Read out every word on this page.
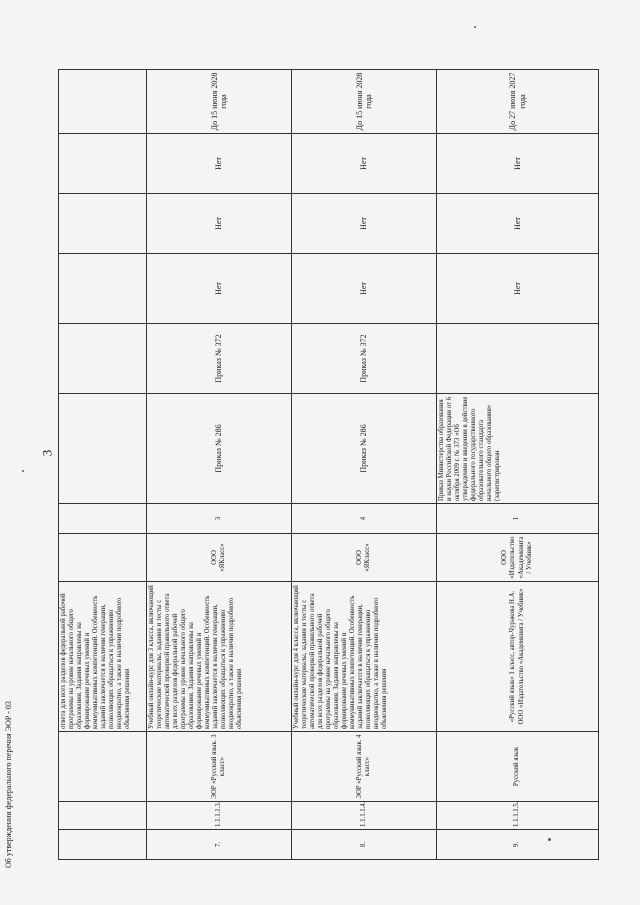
3
Об утверждении федерального перечня ЭОР - 03
			ответа для всех разделов федеральной рабочей программы на уровне начального общего образования. Задания направлены на формирование речевых умений и коммуникативных компетенций. Особенность заданий заключается в наличии генерации, позволяющих обращаться к упражнению неоднократно, а также в наличии подробного объяснения решения								
7.	1.1.1.1.3.	ЭОР «Русский язык. 3 класс»	Учебный онлайн-курс для 3 класса, включающий теоретические материалы, задания и тесты с автоматической проверкой правильного ответа для всех разделов федеральной рабочей программы на уровне начального общего образования. Задания направлены на формирование речевых умений и коммуникативных компетенций. Особенность заданий заключается в наличии генерации, позволяющих обращаться к упражнению неоднократно, а также в наличии подробного объяснения решения	ООО «ЯКласс»	3	Приказ № 286	Приказ № 372	Нет	Нет	Нет	До 15 июня 2028 года
8.	1.1.1.1.4.	ЭОР «Русский язык. 4 класс»	Учебный онлайн-курс для 4 класса, включающий теоретические материалы, задания и тесты с автоматической проверкой правильного ответа для всех разделов федеральной рабочей программы на уровне начального общего образования. Задания направлены на формирование речевых умений и коммуникативных компетенций. Особенность заданий заключается в наличии генерации, позволяющих обращаться к упражнению неоднократно, а также в наличии подробного объяснения решения	ООО «ЯКласс»	4	Приказ № 286	Приказ № 372	Нет	Нет	Нет	До 15 июня 2028 года
9.	1.1.1.1.5.	Русский язык	«Русский язык» 1 класс, автор-Чуракова Н.А. ООО «Издательство «Академкнига / Учебник»	ООО «Издательство «Академкнига / Учебник»	1	Приказ Министерства образования и науки Российской Федерации от 6 октября 2009 г. № 373 «Об утверждении и введении в действие федерального государственного образовательного стандарта начального общего образования» (зарегистрирован		Нет	Нет	Нет	До 27 июня 2027 года
